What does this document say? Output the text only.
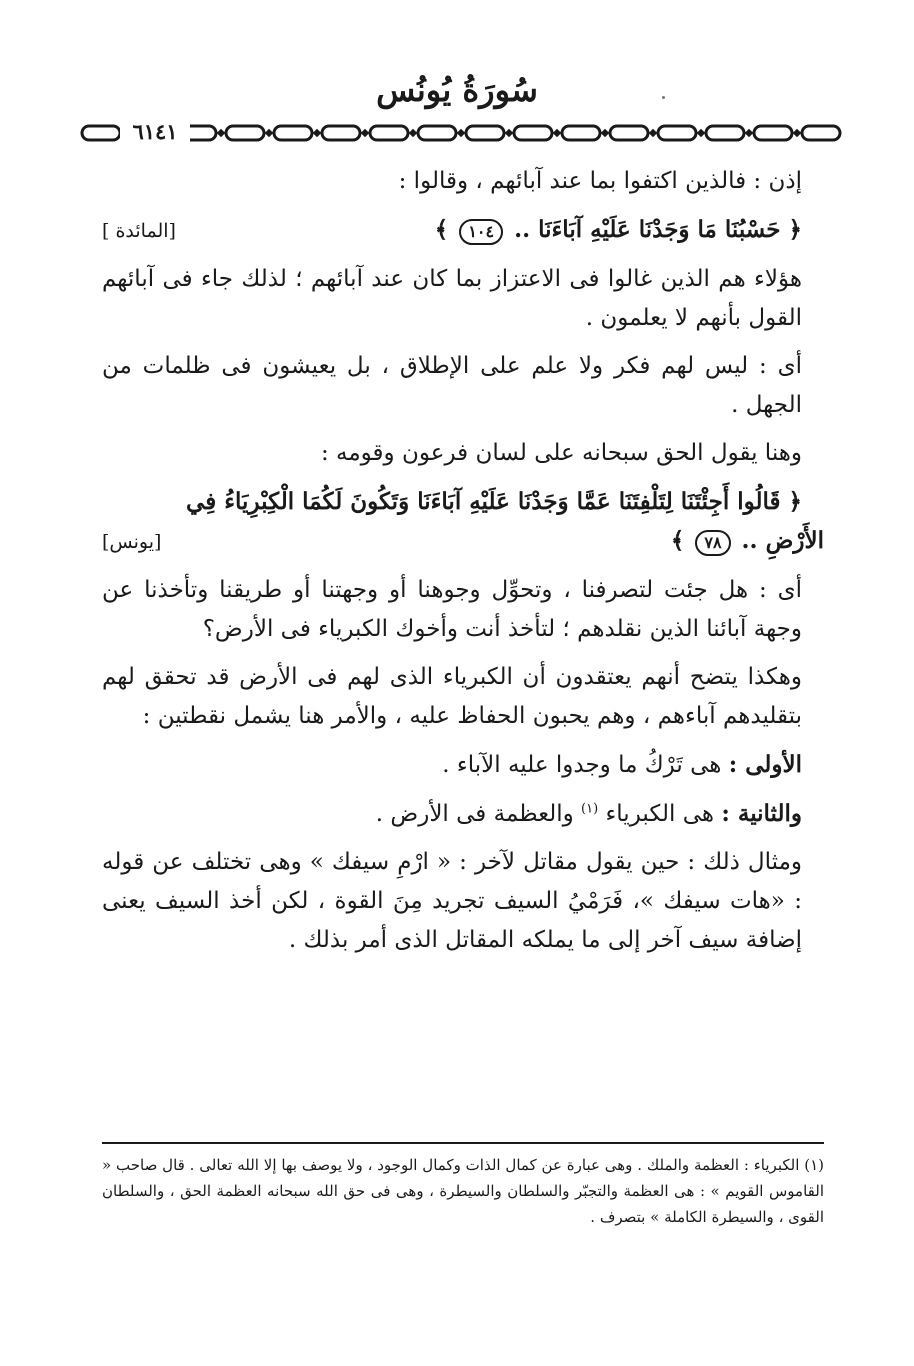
سُورَةُ يُونُس
٦١٤١

إذن : فالذين اكتفوا بما عند آبائهم ، وقالوا :

﴿ حَسْبُنَا مَا وَجَدْنَا عَلَيْهِ آبَاءَنَا .. ١٠٤ ﴾
[المائدة ]

هؤلاء هم الذين غالوا فى الاعتزاز بما كان عند آبائهم ؛ لذلك جاء فى آبائهم القول بأنهم لا يعلمون .

أى : ليس لهم فكر ولا علم على الإطلاق ، بل يعيشون فى ظلمات من الجهل .

وهنا يقول الحق سبحانه على لسان فرعون وقومه :

﴿ قَالُوا أَجِئْتَنَا لِتَلْفِتَنَا عَمَّا وَجَدْنَا عَلَيْهِ آبَاءَنَا وَتَكُونَ لَكُمَا الْكِبْرِيَاءُ فِي
الأَرْضِ .. ٧٨ ﴾
[يونس]

أى : هل جئت لتصرفنا ، وتحوِّل وجوهنا أو وجهتنا أو طريقنا وتأخذنا عن وجهة آبائنا الذين نقلدهم ؛ لتأخذ أنت وأخوك الكبرياء فى الأرض؟

وهكذا يتضح أنهم يعتقدون أن الكبرياء الذى لهم فى الأرض قد تحقق لهم بتقليدهم آباءهم ، وهم يحبون الحفاظ عليه ، والأمر هنا يشمل نقطتين :

الأولى : هى تَرْكُ ما وجدوا عليه الآباء .

والثانية : هى الكبرياء $^{(١)}$ والعظمة فى الأرض .

ومثال ذلك : حين يقول مقاتل لآخر : « ارْمِ سيفك » وهى تختلف عن قوله : «هات سيفك »، فَرَمْيُ السيف تجريد مِنَ القوة ، لكن أخذ السيف يعنى إضافة سيف آخر إلى ما يملكه المقاتل الذى أمر بذلك .

(١) الكبرياء : العظمة والملك . وهى عبارة عن كمال الذات وكمال الوجود ، ولا يوصف بها إلا الله تعالى . قال صاحب « القاموس القويم » : هى العظمة والتجبّر والسلطان والسيطرة ، وهى فى حق الله سبحانه العظمة الحق ، والسلطان القوى ، والسيطرة الكاملة » بتصرف .
